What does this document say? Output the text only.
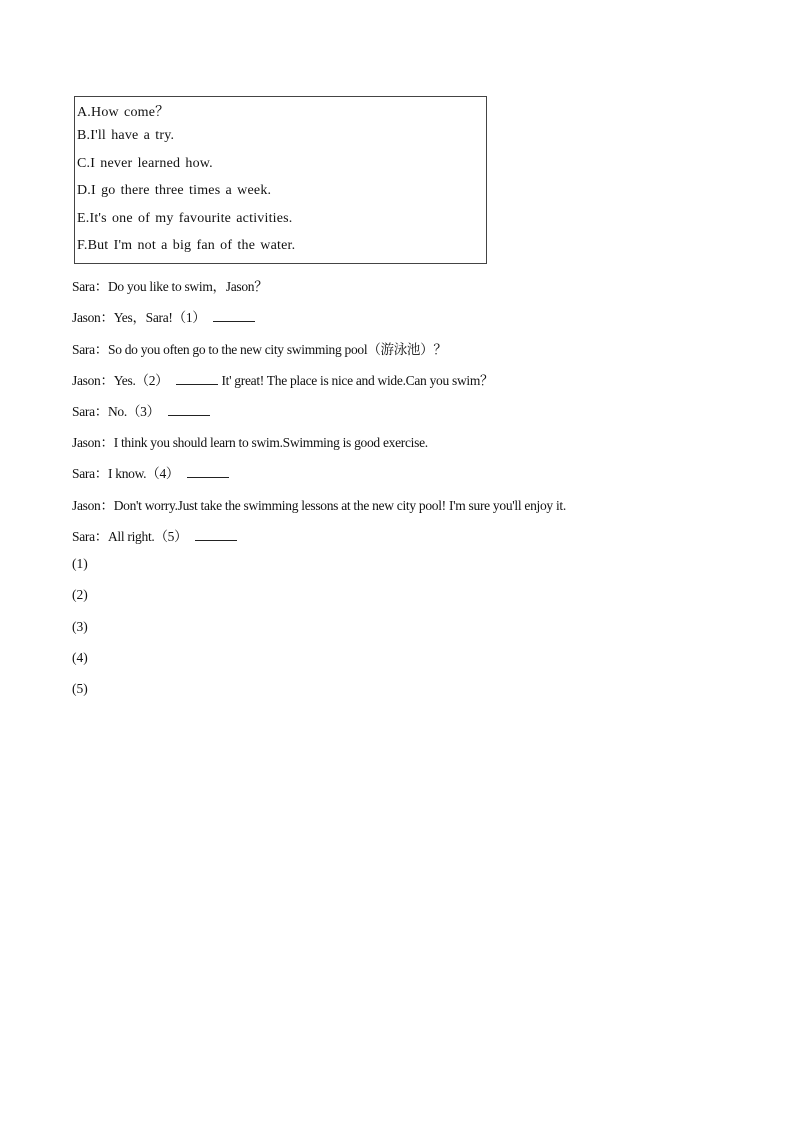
A.How come？
B.I'll have a try.
C.I never learned how.
D.I go there three times a week.
E.It's one of my favourite activities.
F.But I'm not a big fan of the water.
Sara：Do you like to swim，Jason？
Jason：Yes，Sara!（1）
Sara：So do you often go to the new city swimming pool（游泳池）？
Jason：Yes.（2）	It' great! The place is nice and wide.Can you swim？
Sara：No.（3）
Jason：I think you should learn to swim.Swimming is good exercise.
Sara：I know.（4）
Jason：Don't worry.Just take the swimming lessons at the new city pool! I'm sure you'll enjoy it.
Sara：All right.（5）
(1)
(2)
(3)
(4)
(5)
